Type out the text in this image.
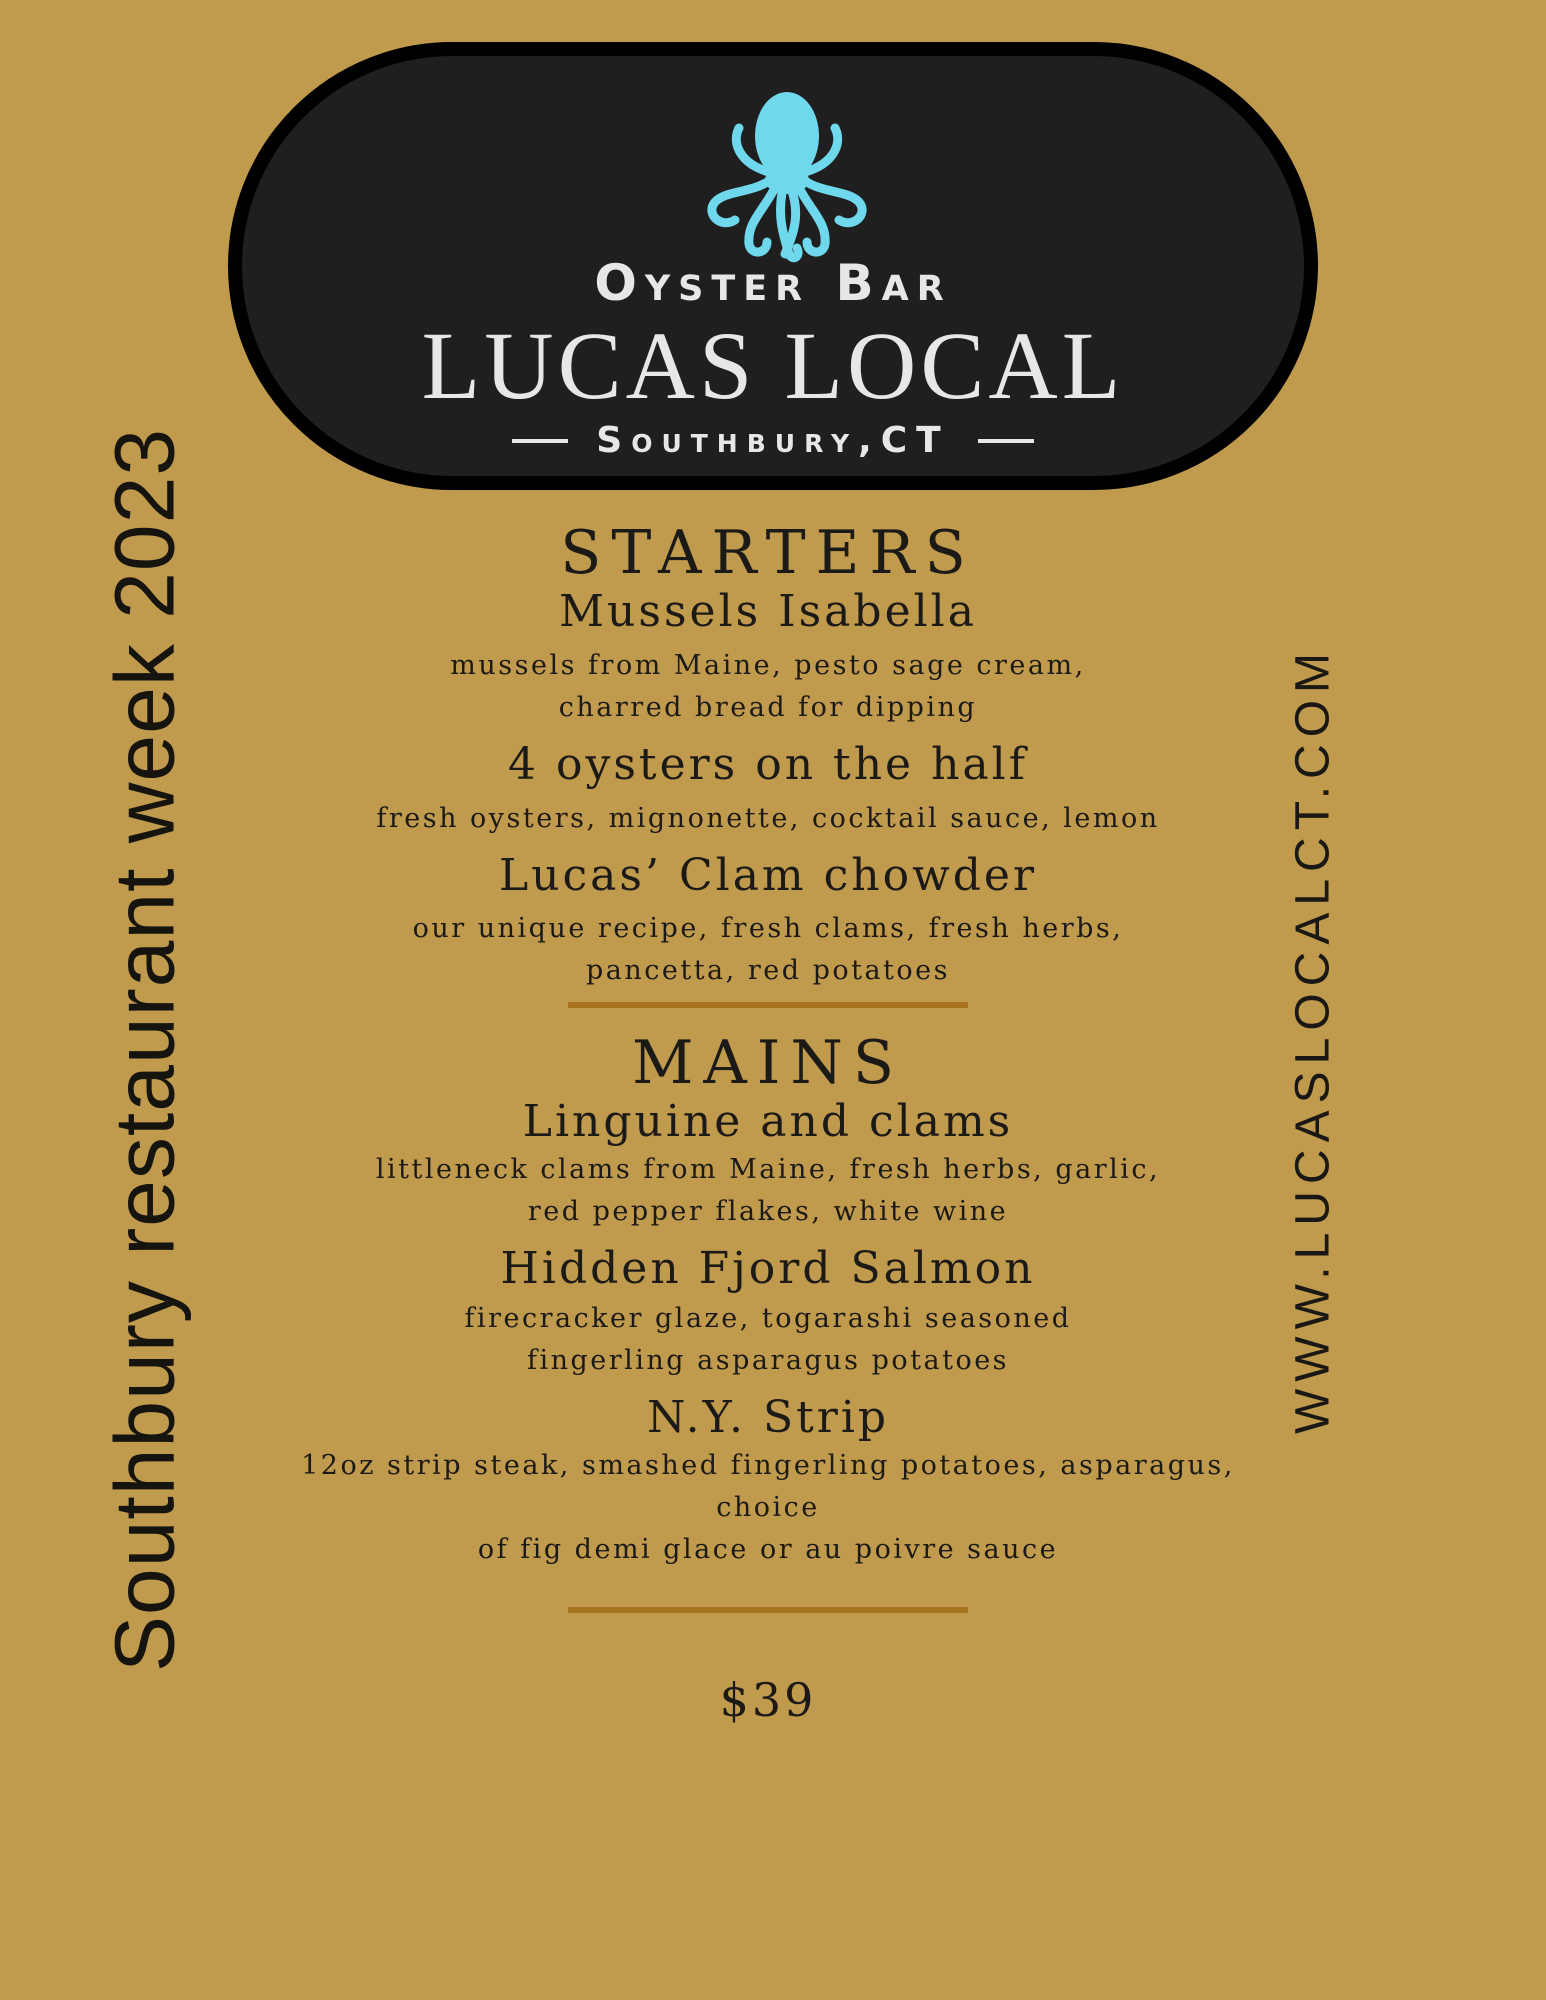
Oyster Bar
LUCAS LOCAL
Southbury,CT
Southbury restaurant week 2023	WWW.LUCASLOCALCT.COM
STARTERS
Mussels Isabella
mussels from Maine, pesto sage cream,
charred bread for dipping
4 oysters on the half
fresh oysters, mignonette, cocktail sauce, lemon
Lucas’ Clam chowder
our unique recipe, fresh clams, fresh herbs,
pancetta, red potatoes
MAINS
Linguine and clams
littleneck clams from Maine, fresh herbs, garlic,
red pepper flakes, white wine
Hidden Fjord Salmon
firecracker glaze, togarashi seasoned
fingerling asparagus potatoes
N.Y. Strip
12oz strip steak, smashed fingerling potatoes, asparagus, choice
of fig demi glace or au poivre sauce

$39
